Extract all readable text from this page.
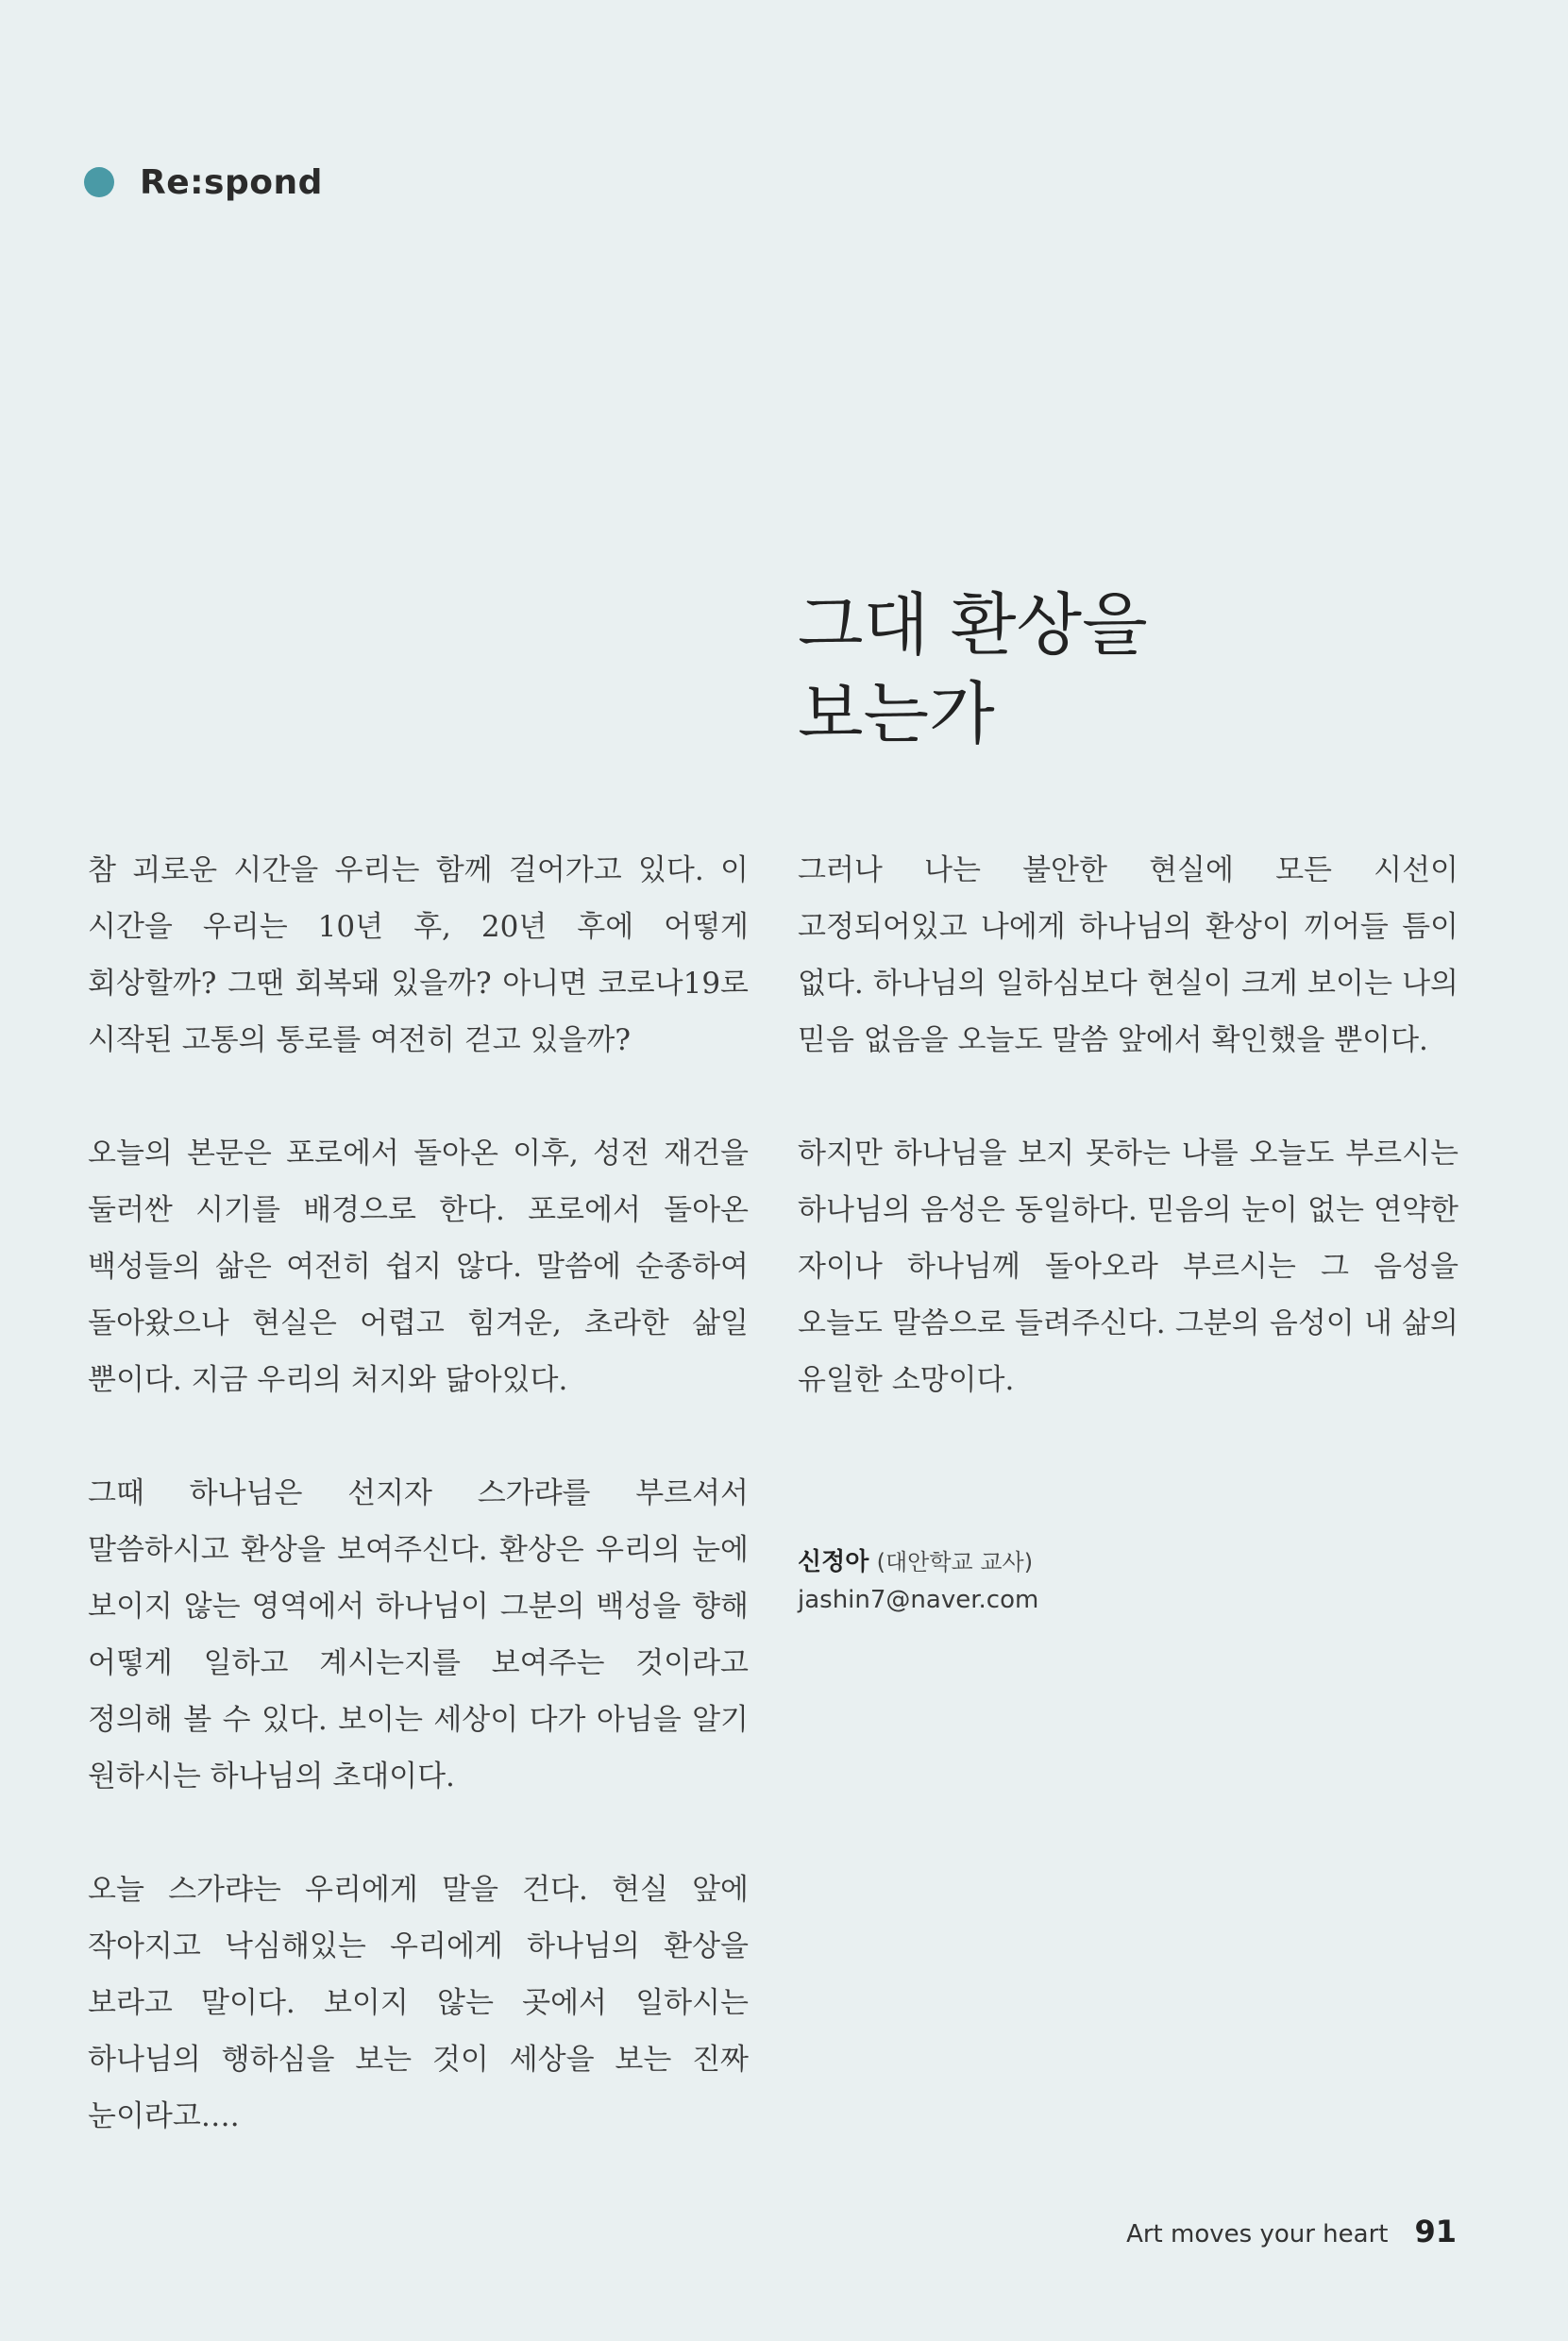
Re:spond
그대 환상을
보는가

참 괴로운 시간을 우리는 함께 걸어가고 있다. 이 시간을 우리는 10년 후, 20년 후에 어떻게 회상할까? 그땐 회복돼 있을까? 아니면 코로나19로 시작된 고통의 통로를 여전히 걷고 있을까?

오늘의 본문은 포로에서 돌아온 이후, 성전 재건을 둘러싼 시기를 배경으로 한다. 포로에서 돌아온 백성들의 삶은 여전히 쉽지 않다. 말씀에 순종하여 돌아왔으나 현실은 어렵고 힘겨운, 초라한 삶일 뿐이다. 지금 우리의 처지와 닮아있다.

그때 하나님은 선지자 스가랴를 부르셔서 말씀하시고 환상을 보여주신다. 환상은 우리의 눈에 보이지 않는 영역에서 하나님이 그분의 백성을 향해 어떻게 일하고 계시는지를 보여주는 것이라고 정의해 볼 수 있다. 보이는 세상이 다가 아님을 알기 원하시는 하나님의 초대이다.

오늘 스가랴는 우리에게 말을 건다. 현실 앞에 작아지고 낙심해있는 우리에게 하나님의 환상을 보라고 말이다. 보이지 않는 곳에서 일하시는 하나님의 행하심을 보는 것이 세상을 보는 진짜 눈이라고….

그러나 나는 불안한 현실에 모든 시선이 고정되어있고 나에게 하나님의 환상이 끼어들 틈이 없다. 하나님의 일하심보다 현실이 크게 보이는 나의 믿음 없음을 오늘도 말씀 앞에서 확인했을 뿐이다.

하지만 하나님을 보지 못하는 나를 오늘도 부르시는 하나님의 음성은 동일하다. 믿음의 눈이 없는 연약한 자이나 하나님께 돌아오라 부르시는 그 음성을 오늘도 말씀으로 들려주신다. 그분의 음성이 내 삶의 유일한 소망이다.

신정아 (대안학교 교사)
jashin7@naver.com
Art moves your heart 91
